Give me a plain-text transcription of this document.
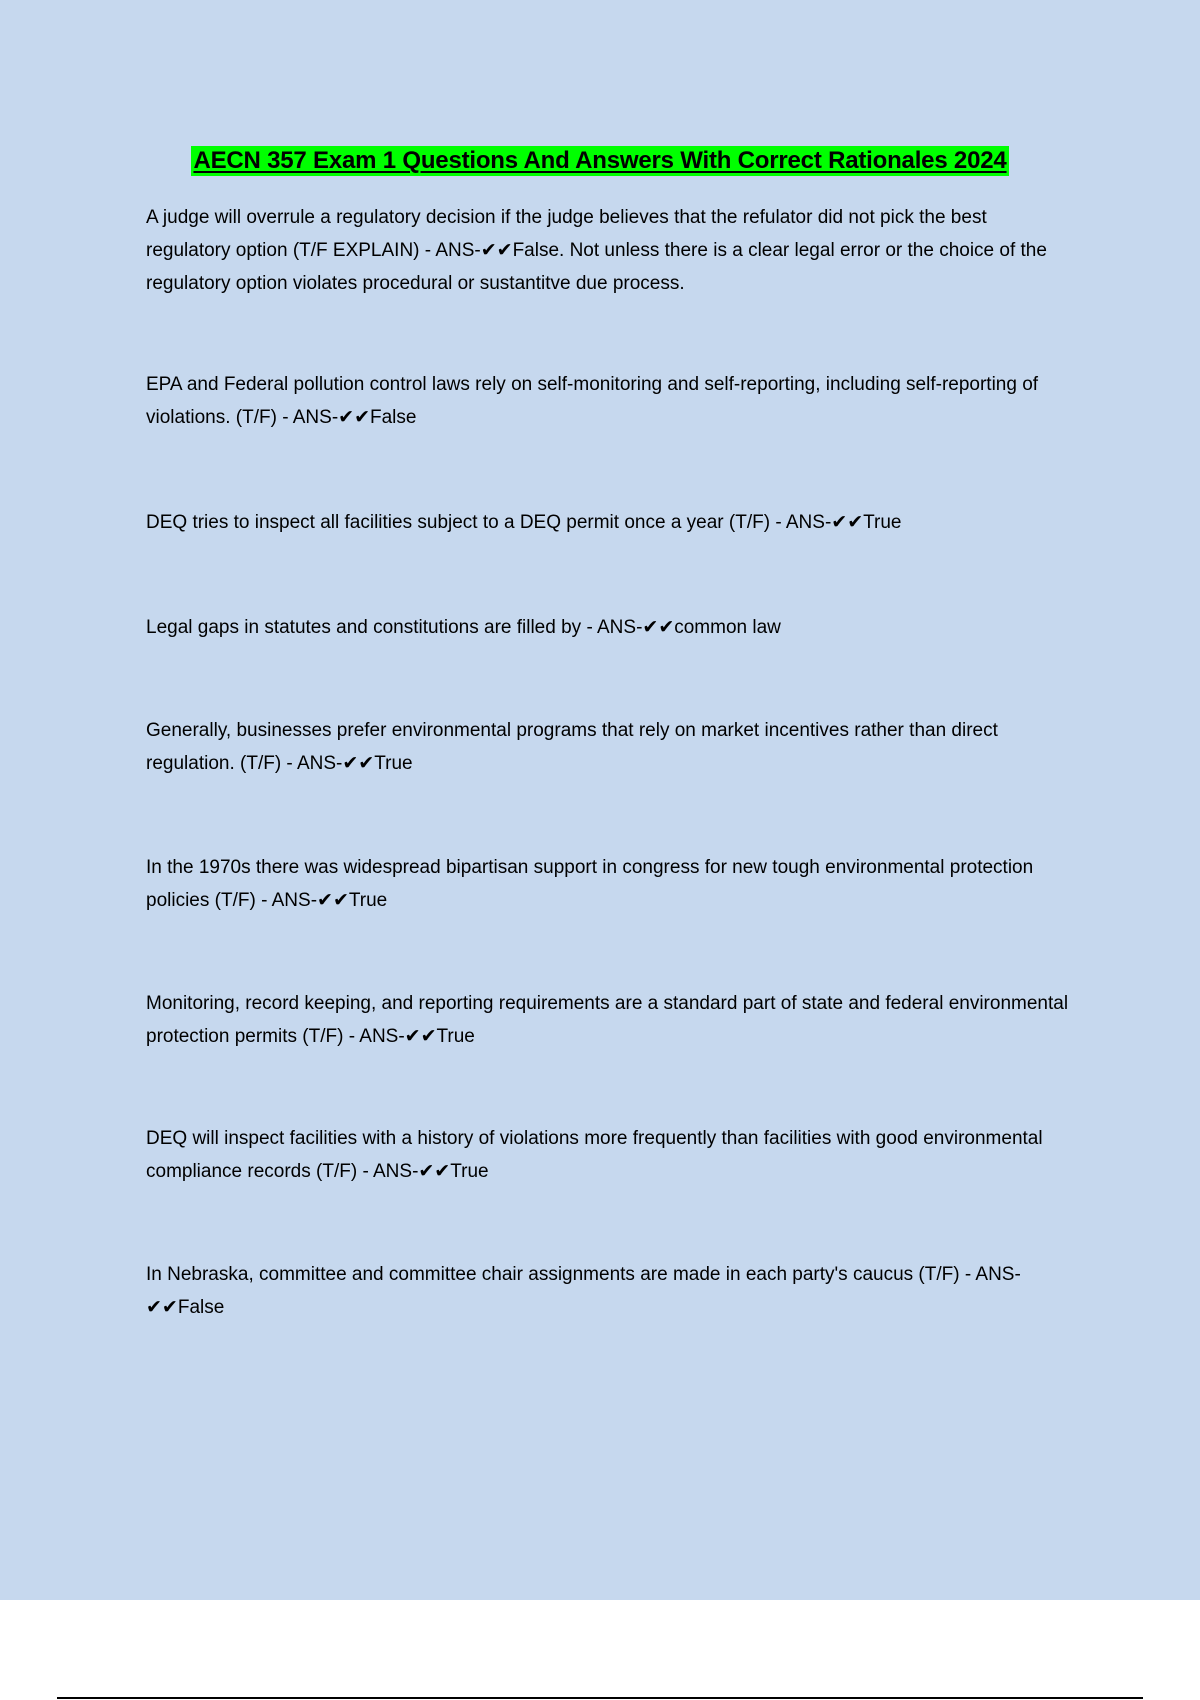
AECN 357 Exam 1 Questions And Answers With Correct Rationales 2024

A judge will overrule a regulatory decision if the judge believes that the refulator did not pick the best regulatory option (T/F EXPLAIN) - ANS-✔✔False. Not unless there is a clear legal error or the choice of the regulatory option violates procedural or sustantitve due process.

EPA and Federal pollution control laws rely on self-monitoring and self-reporting, including self-reporting of violations. (T/F) - ANS-✔✔False

DEQ tries to inspect all facilities subject to a DEQ permit once a year (T/F) - ANS-✔✔True

Legal gaps in statutes and constitutions are filled by - ANS-✔✔common law

Generally, businesses prefer environmental programs that rely on market incentives rather than direct regulation. (T/F) - ANS-✔✔True

In the 1970s there was widespread bipartisan support in congress for new tough environmental protection policies (T/F) - ANS-✔✔True

Monitoring, record keeping, and reporting requirements are a standard part of state and federal environmental protection permits (T/F) - ANS-✔✔True

DEQ will inspect facilities with a history of violations more frequently than facilities with good environmental compliance records (T/F) - ANS-✔✔True

In Nebraska, committee and committee chair assignments are made in each party's caucus (T/F) - ANS-✔✔False
